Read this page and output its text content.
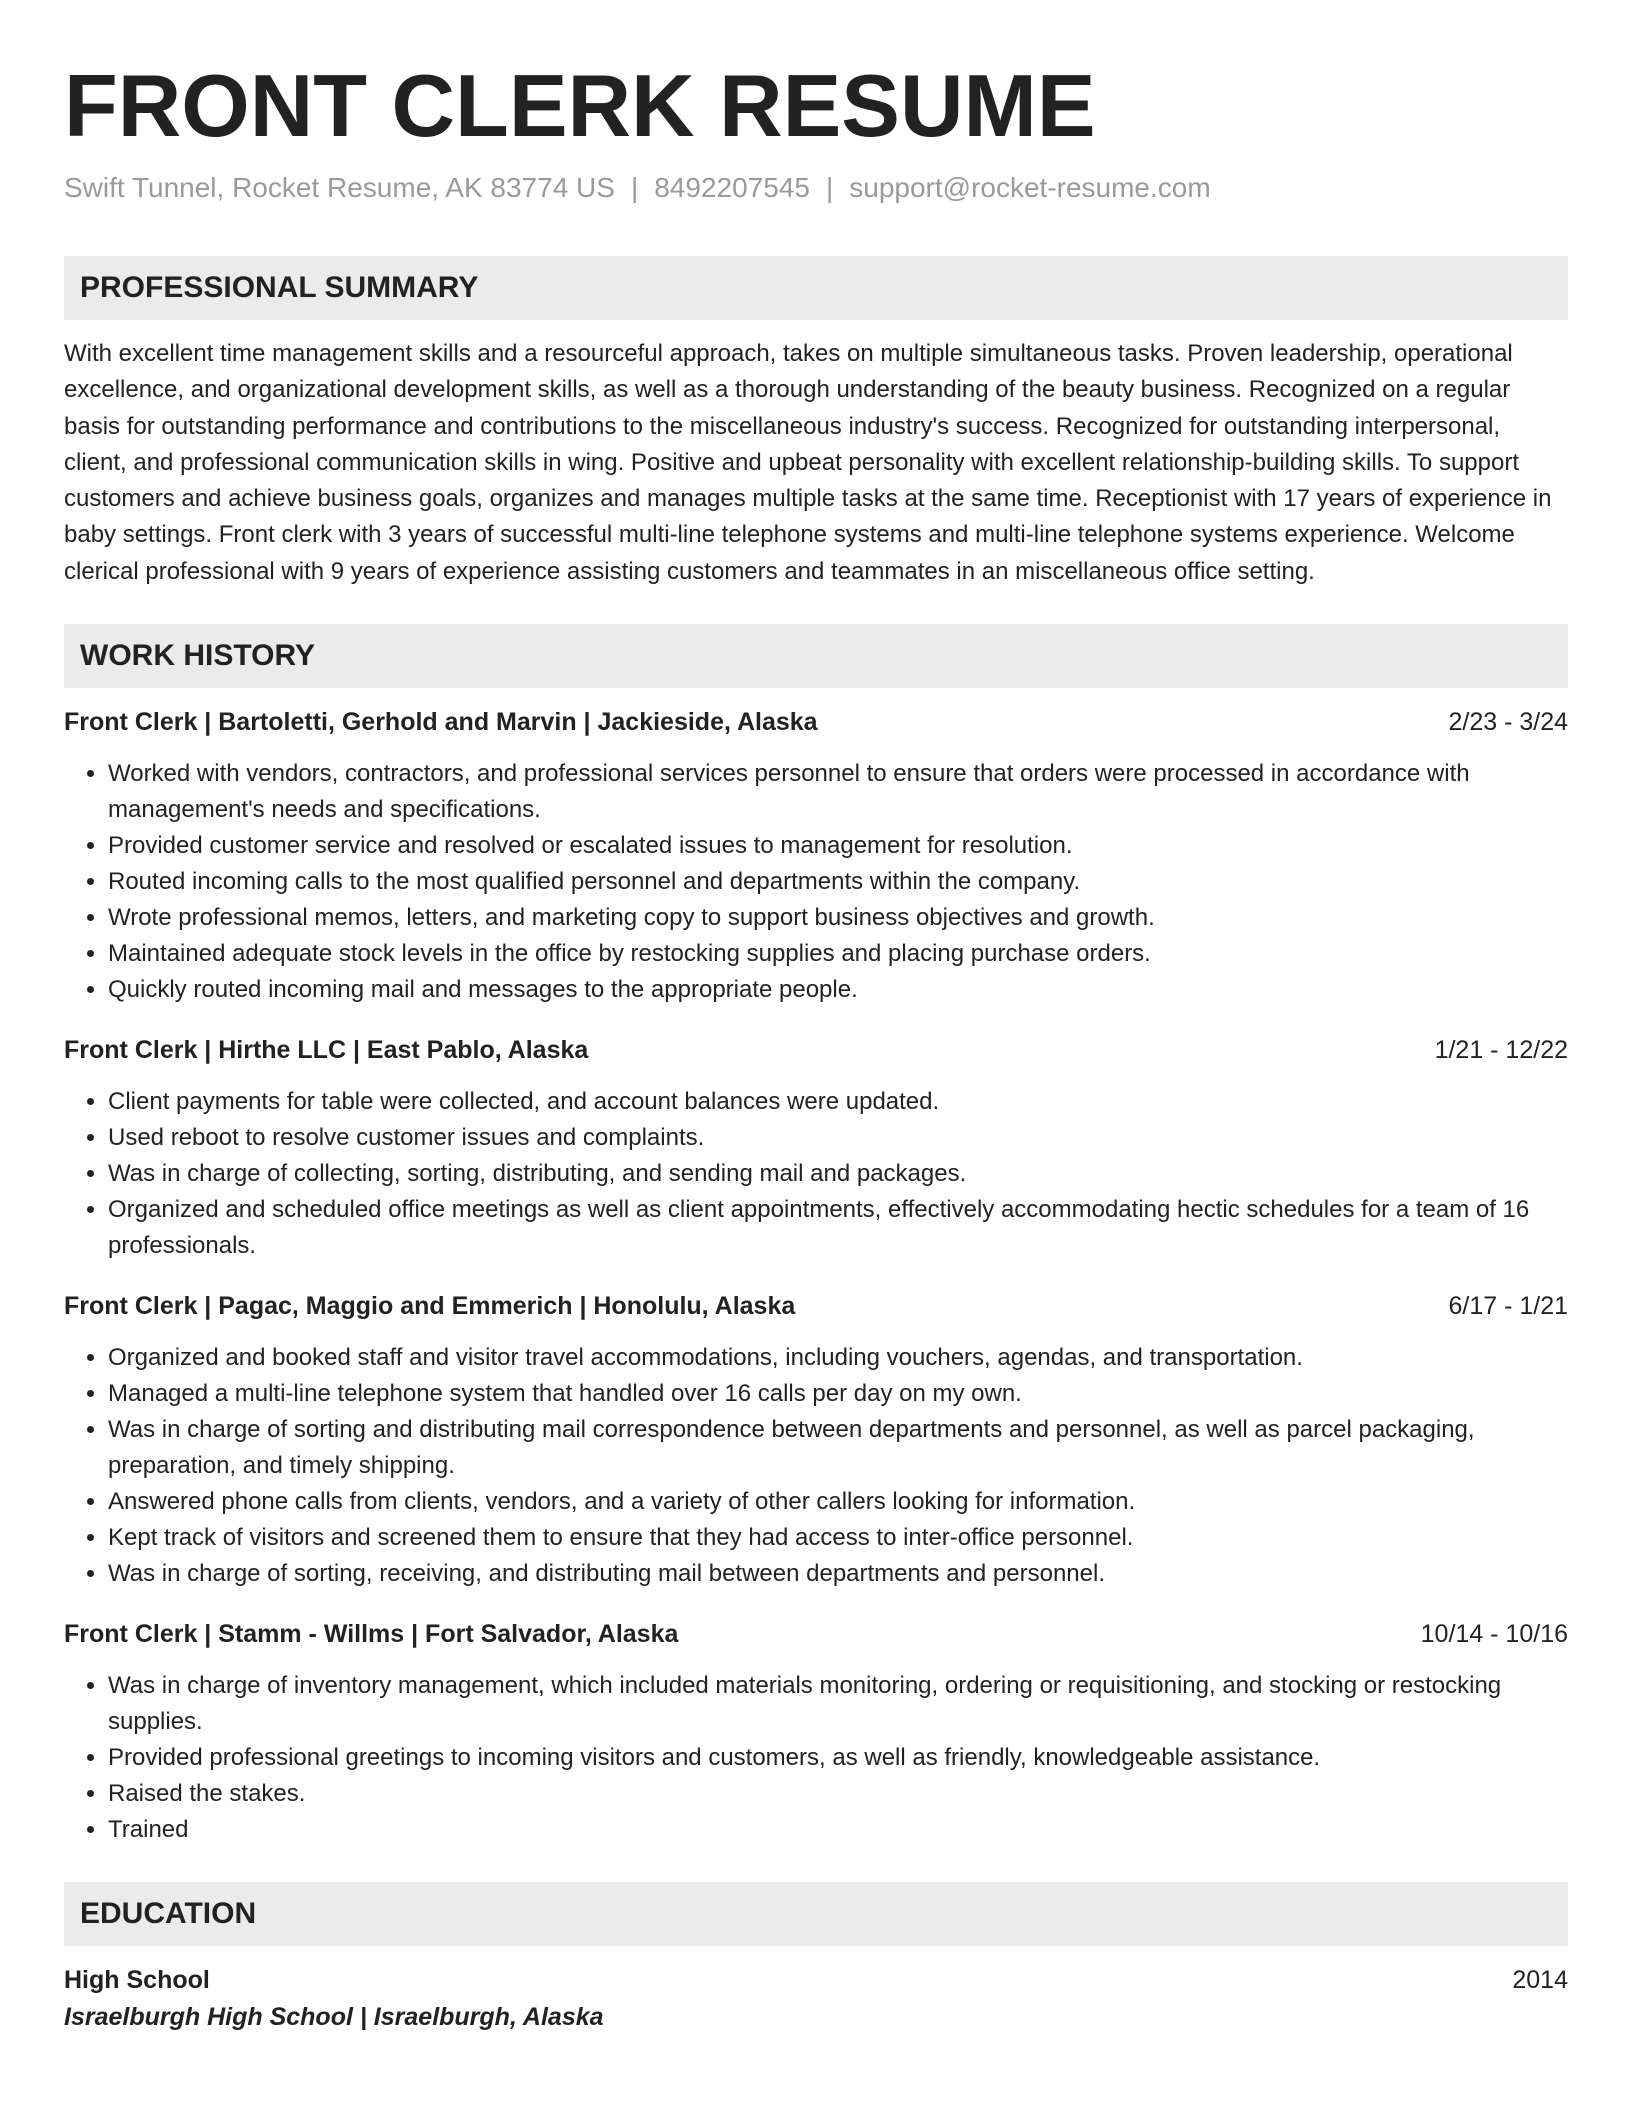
FRONT CLERK RESUME
Swift Tunnel, Rocket Resume, AK 83774 US | 8492207545 | support@rocket-resume.com
PROFESSIONAL SUMMARY

With excellent time management skills and a resourceful approach, takes on multiple simultaneous tasks. Proven leadership, operational excellence, and organizational development skills, as well as a thorough understanding of the beauty business. Recognized on a regular basis for outstanding performance and contributions to the miscellaneous industry's success. Recognized for outstanding interpersonal, client, and professional communication skills in wing. Positive and upbeat personality with excellent relationship-building skills. To support customers and achieve business goals, organizes and manages multiple tasks at the same time. Receptionist with 17 years of experience in baby settings. Front clerk with 3 years of successful multi-line telephone systems and multi-line telephone systems experience. Welcome clerical professional with 9 years of experience assisting customers and teammates in an miscellaneous office setting.

WORK HISTORY
Front Clerk | Bartoletti, Gerhold and Marvin | Jackieside, Alaska	2/23 - 3/24
• Worked with vendors, contractors, and professional services personnel to ensure that orders were processed in accordance with management's needs and specifications.
• Provided customer service and resolved or escalated issues to management for resolution.
• Routed incoming calls to the most qualified personnel and departments within the company.
• Wrote professional memos, letters, and marketing copy to support business objectives and growth.
• Maintained adequate stock levels in the office by restocking supplies and placing purchase orders.
• Quickly routed incoming mail and messages to the appropriate people.
Front Clerk | Hirthe LLC | East Pablo, Alaska	1/21 - 12/22
• Client payments for table were collected, and account balances were updated.
• Used reboot to resolve customer issues and complaints.
• Was in charge of collecting, sorting, distributing, and sending mail and packages.
• Organized and scheduled office meetings as well as client appointments, effectively accommodating hectic schedules for a team of 16 professionals.
Front Clerk | Pagac, Maggio and Emmerich | Honolulu, Alaska	6/17 - 1/21
• Organized and booked staff and visitor travel accommodations, including vouchers, agendas, and transportation.
• Managed a multi-line telephone system that handled over 16 calls per day on my own.
• Was in charge of sorting and distributing mail correspondence between departments and personnel, as well as parcel packaging, preparation, and timely shipping.
• Answered phone calls from clients, vendors, and a variety of other callers looking for information.
• Kept track of visitors and screened them to ensure that they had access to inter-office personnel.
• Was in charge of sorting, receiving, and distributing mail between departments and personnel.
Front Clerk | Stamm - Willms | Fort Salvador, Alaska	10/14 - 10/16
• Was in charge of inventory management, which included materials monitoring, ordering or requisitioning, and stocking or restocking supplies.
• Provided professional greetings to incoming visitors and customers, as well as friendly, knowledgeable assistance.
• Raised the stakes.
• Trained
EDUCATION
High School	2014
Israelburgh High School | Israelburgh, Alaska
